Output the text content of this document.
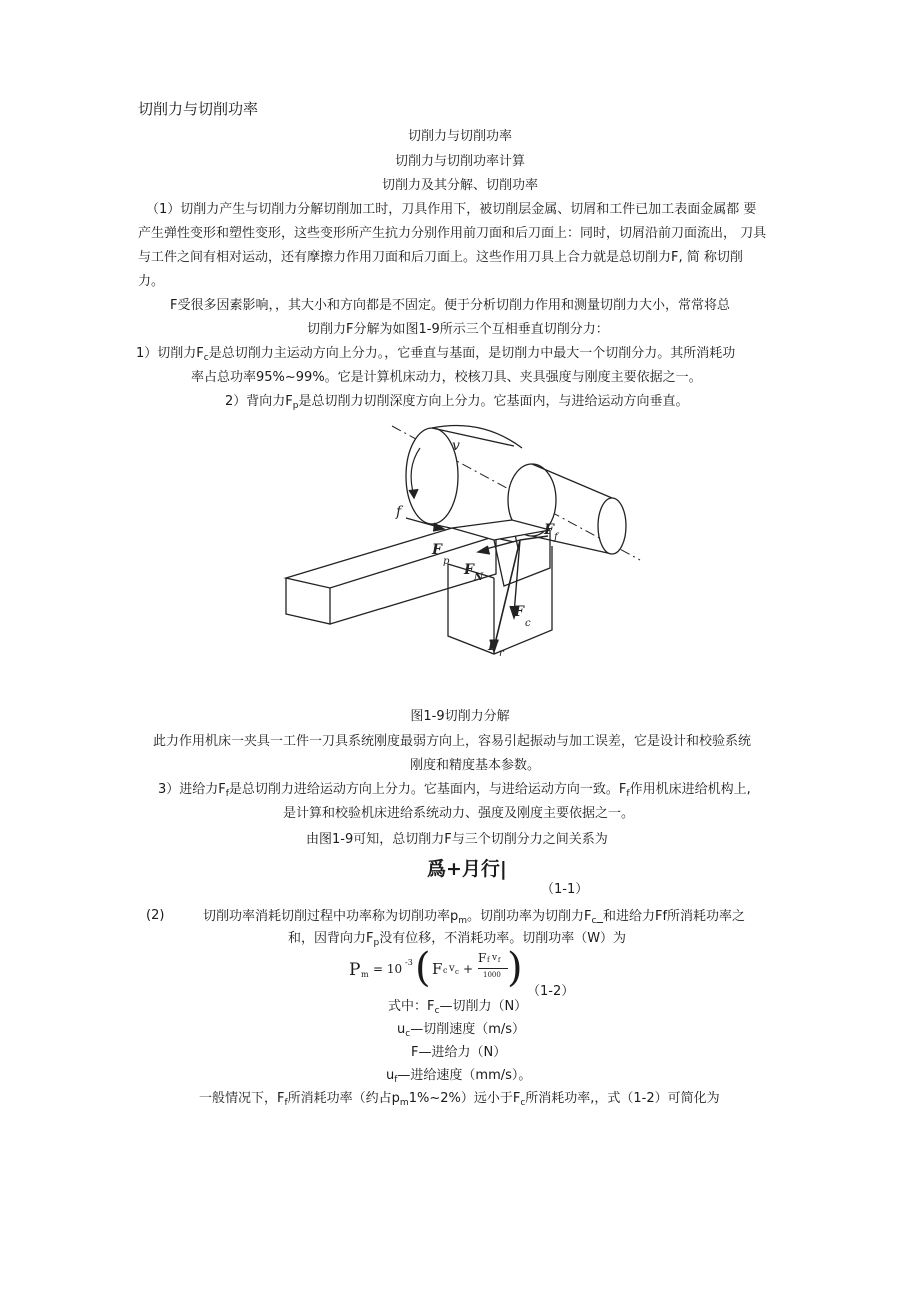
切削力与切削功率
切削力与切削功率
切削力与切削功率计算
切削力及其分解、切削功率
（1）切削力产生与切削力分解切削加工时，刀具作用下，被切削层金属、切屑和工件已加工表面金属都 要
产生弹性变形和塑性变形，这些变形所产生抗力分别作用前刀面和后刀面上：同时，切屑沿前刀面流出， 刀具
与工件之间有相对运动，还有摩擦力作用刀面和后刀面上。这些作用刀具上合力就是总切削力F, 简 称切削
力。
F受很多因素影响，，其大小和方向都是不固定。便于分析切削力作用和测量切削力大小，常常将总
切削力F分解为如图1-9所示三个互相垂直切削分力：
1）切削力$F_c$是总切削力主运动方向上分力。，它垂直与基面，是切削力中最大一个切削分力。其所消耗功
率占总功率95%~99%。它是计算机床动力，校核刀具、夹具强度与刚度主要依据之一。
2）背向力$F_p$是总切削力切削深度方向上分力。它基面内，与进给运动方向垂直。
v
f
F f
F
p
F N
F
c
F r
图1-9切削力分解
此力作用机床一夹具一工件一刀具系统刚度最弱方向上，容易引起振动与加工误差，它是设计和校验系统
刚度和精度基本参数。
3）进给力$F_f$是总切削力进给运动方向上分力。它基面内，与进给运动方向一致。$F_f$作用机床进给机构上,
是计算和校验机床进给系统动力、强度及刚度主要依据之一。
由图1-9可知，总切削力F与三个切削分力之间关系为
爲+月行|
（1-1）
(2)	切削功率消耗切削过程中功率称为切削功率$p_m$。切削功率为切削力$F_c\_$和进给力Ff所消耗功率之
和，因背向力$F_p$没有位移，不消耗功率。切削功率（W）为
P m = 10 -3 ( F c v c +
F f v f
1000 )
（1-2）
式中：$F_c—$切削力（N）
$u_c—$切削速度（m/s）
F—进给力（N）
$u_f—$进给速度（mm/s）。
一般情况下，$F_f$所消耗功率（约占$p_m1\%\sim 2\%$）远小于$F_c$所消耗功率,，式（1-2）可简化为
